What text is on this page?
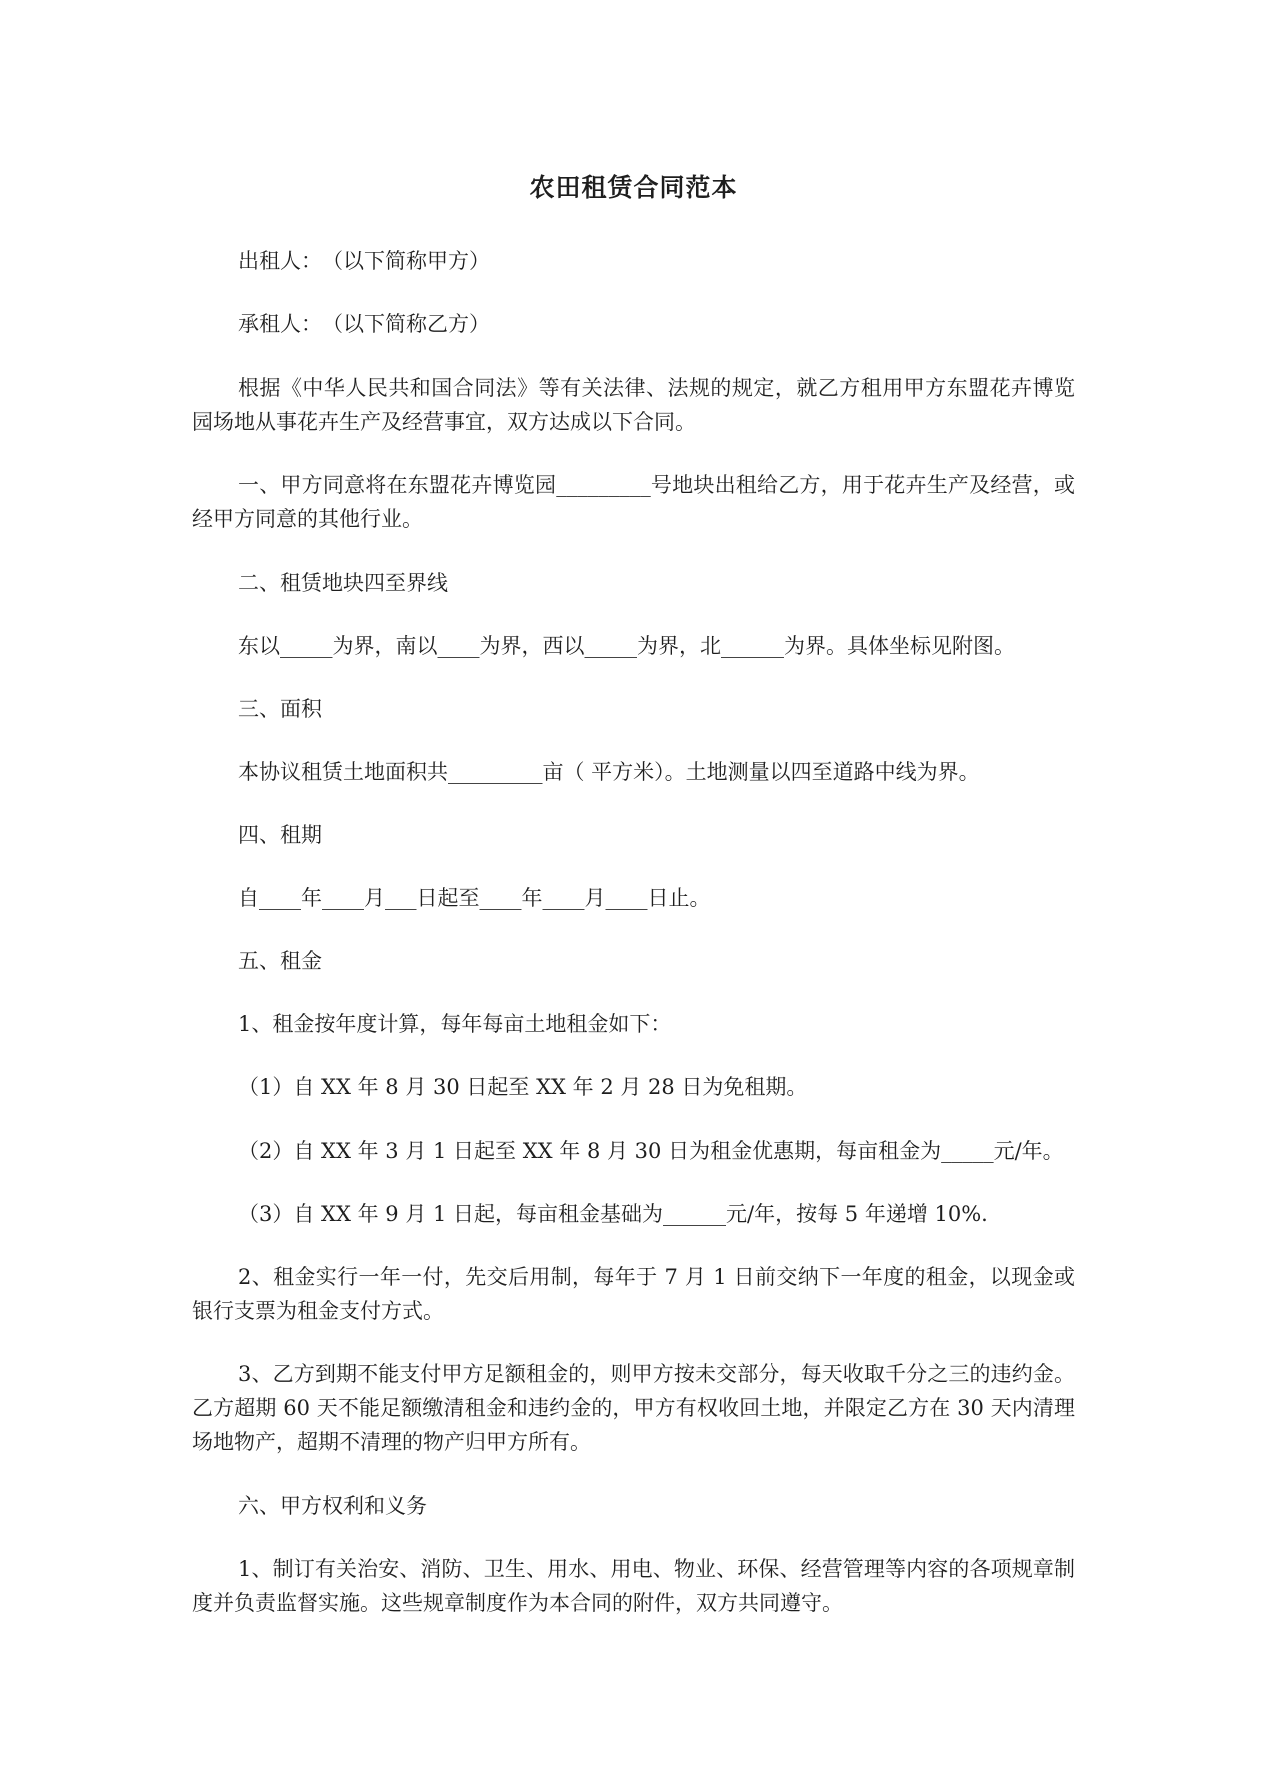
农田租赁合同范本
出租人：　（以下简称甲方）
承租人：　（以下简称乙方）
根据《中华人民共和国合同法》等有关法律、法规的规定，就乙方租用甲方东盟花卉博览园场地从事花卉生产及经营事宜，双方达成以下合同。
一、甲方同意将在东盟花卉博览园_________号地块出租给乙方，用于花卉生产及经营，或经甲方同意的其他行业。
二、租赁地块四至界线
东以_____为界，南以____为界，西以_____为界，北______为界。具体坐标见附图。
三、面积
本协议租赁土地面积共_________亩（ 平方米）。土地测量以四至道路中线为界。
四、租期
自____年____月___日起至____年____月____日止。
五、租金
1、租金按年度计算，每年每亩土地租金如下：
（1）自 XX 年 8 月 30 日起至 XX 年 2 月 28 日为免租期。
（2）自 XX 年 3 月 1 日起至 XX 年 8 月 30 日为租金优惠期，每亩租金为_____元/年。
（3）自 XX 年 9 月 1 日起，每亩租金基础为______元/年，按每 5 年递增 10%.
2、租金实行一年一付，先交后用制，每年于 7 月 1 日前交纳下一年度的租金，以现金或银行支票为租金支付方式。
3、乙方到期不能支付甲方足额租金的，则甲方按未交部分，每天收取千分之三的违约金。乙方超期 60 天不能足额缴清租金和违约金的，甲方有权收回土地，并限定乙方在 30 天内清理场地物产，超期不清理的物产归甲方所有。
六、甲方权利和义务
1、制订有关治安、消防、卫生、用水、用电、物业、环保、经营管理等内容的各项规章制度并负责监督实施。这些规章制度作为本合同的附件，双方共同遵守。
